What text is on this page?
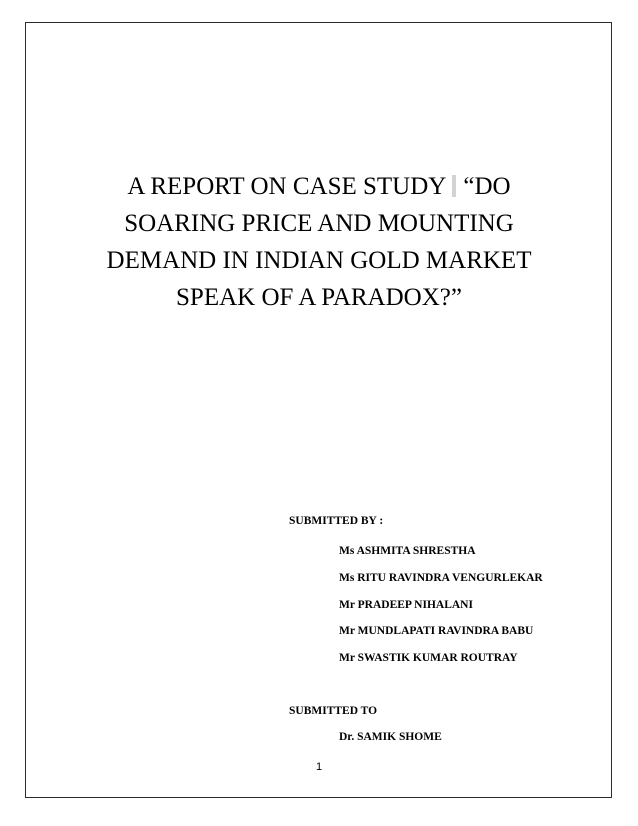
A REPORT ON CASE STUDY “DO
SOARING PRICE AND MOUNTING
DEMAND IN INDIAN GOLD MARKET
SPEAK OF A PARADOX?”

SUBMITTED BY :

Ms ASHMITA SHRESTHA

Ms RITU RAVINDRA VENGURLEKAR

Mr PRADEEP NIHALANI

Mr MUNDLAPATI RAVINDRA BABU

Mr SWASTIK KUMAR ROUTRAY

SUBMITTED TO

Dr. SAMIK SHOME

1
